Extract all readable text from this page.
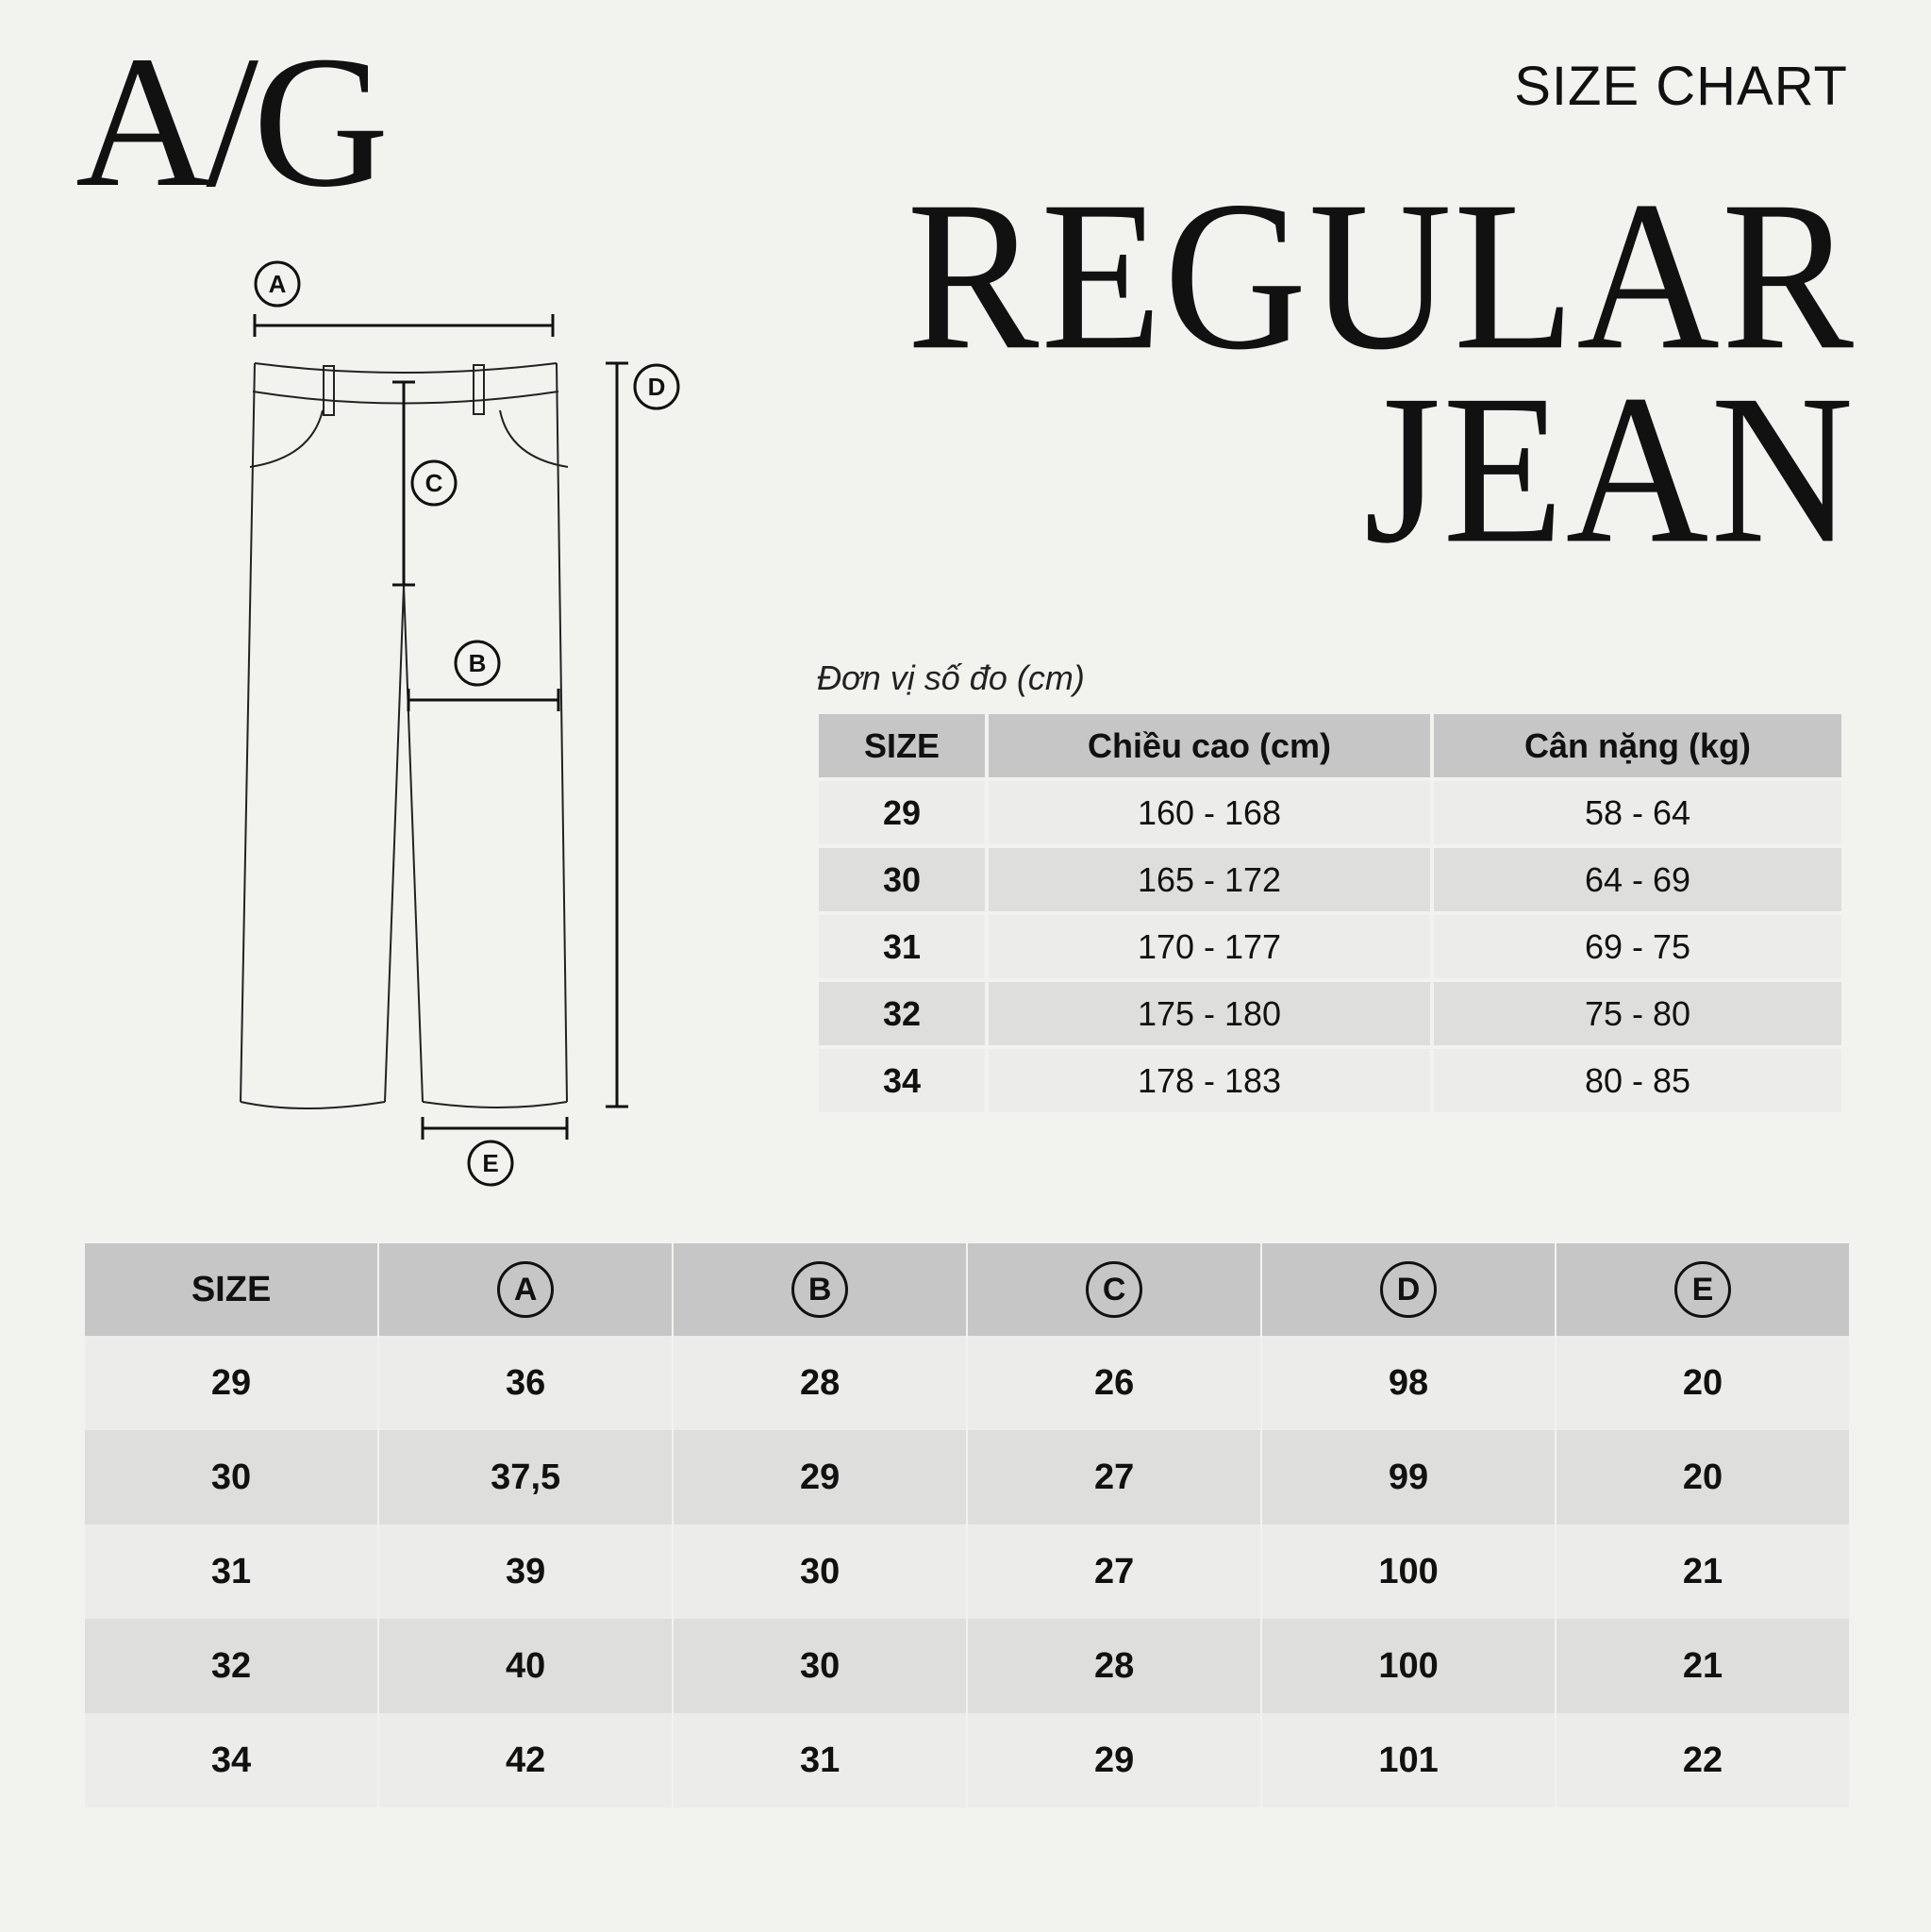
A/G	SIZE CHART
REGULAR
JEAN
A
B
C
D
E
Đơn vị số đo (cm)
SIZE	Chiều cao (cm)	Cân nặng (kg)
29	160 - 168	58 - 64
30	165 - 172	64 - 69
31	170 - 177	69 - 75
32	175 - 180	75 - 80
34	178 - 183	80 - 85
SIZE	A	B	C	D	E
29	36	28	26	98	20
30	37,5	29	27	99	20
31	39	30	27	100	21
32	40	30	28	100	21
34	42	31	29	101	22
